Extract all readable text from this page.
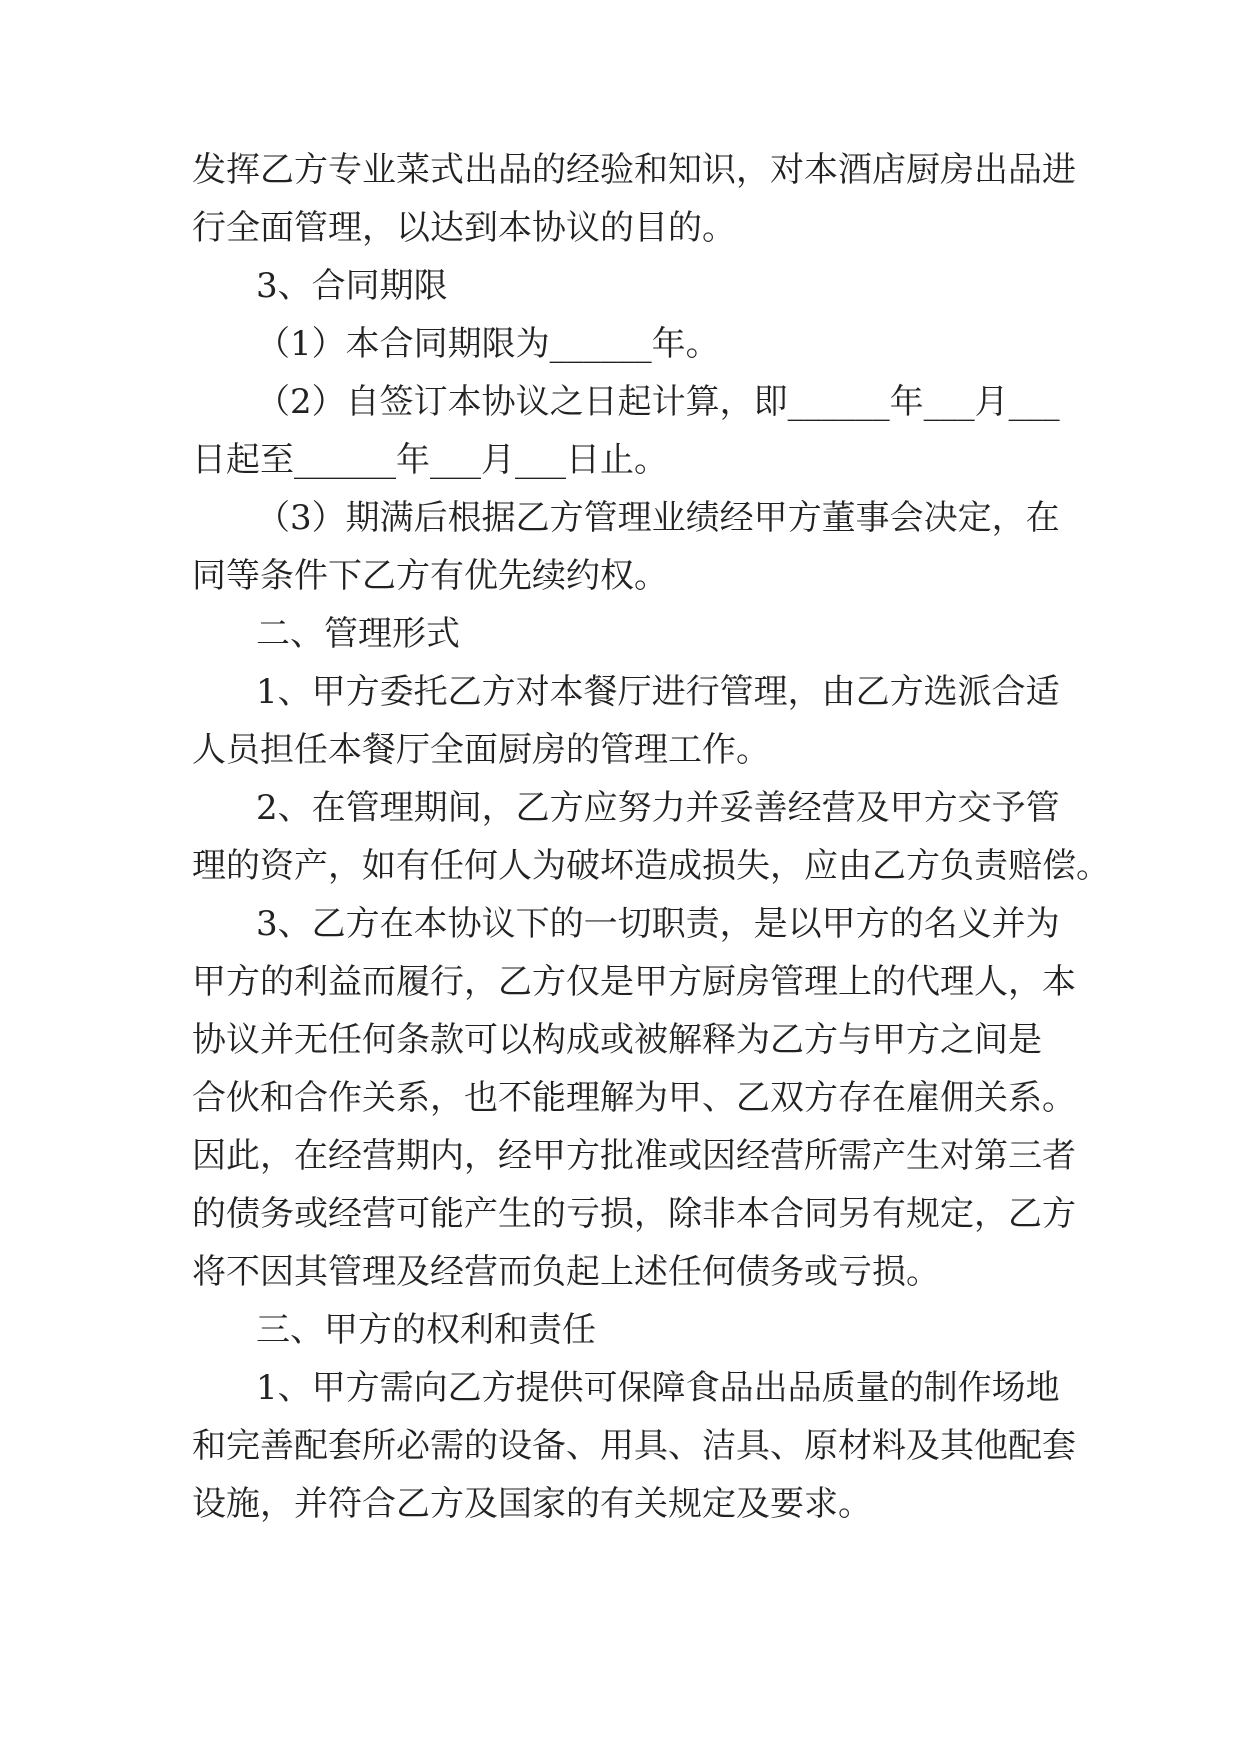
发挥乙方专业菜式出品的经验和知识，对本酒店厨房出品进
行全面管理，以达到本协议的目的。
3、合同期限
（1）本合同期限为______年。
（2）自签订本协议之日起计算，即______年___月___
日起至______年___月___日止。
（3）期满后根据乙方管理业绩经甲方董事会决定，在
同等条件下乙方有优先续约权。
二、管理形式
1、甲方委托乙方对本餐厅进行管理，由乙方选派合适
人员担任本餐厅全面厨房的管理工作。
2、在管理期间，乙方应努力并妥善经营及甲方交予管
理的资产，如有任何人为破坏造成损失，应由乙方负责赔偿。
3、乙方在本协议下的一切职责，是以甲方的名义并为
甲方的利益而履行，乙方仅是甲方厨房管理上的代理人，本
协议并无任何条款可以构成或被解释为乙方与甲方之间是
合伙和合作关系，也不能理解为甲、乙双方存在雇佣关系。
因此，在经营期内，经甲方批准或因经营所需产生对第三者
的债务或经营可能产生的亏损，除非本合同另有规定，乙方
将不因其管理及经营而负起上述任何债务或亏损。
三、甲方的权利和责任
1、甲方需向乙方提供可保障食品出品质量的制作场地
和完善配套所必需的设备、用具、洁具、原材料及其他配套
设施，并符合乙方及国家的有关规定及要求。
